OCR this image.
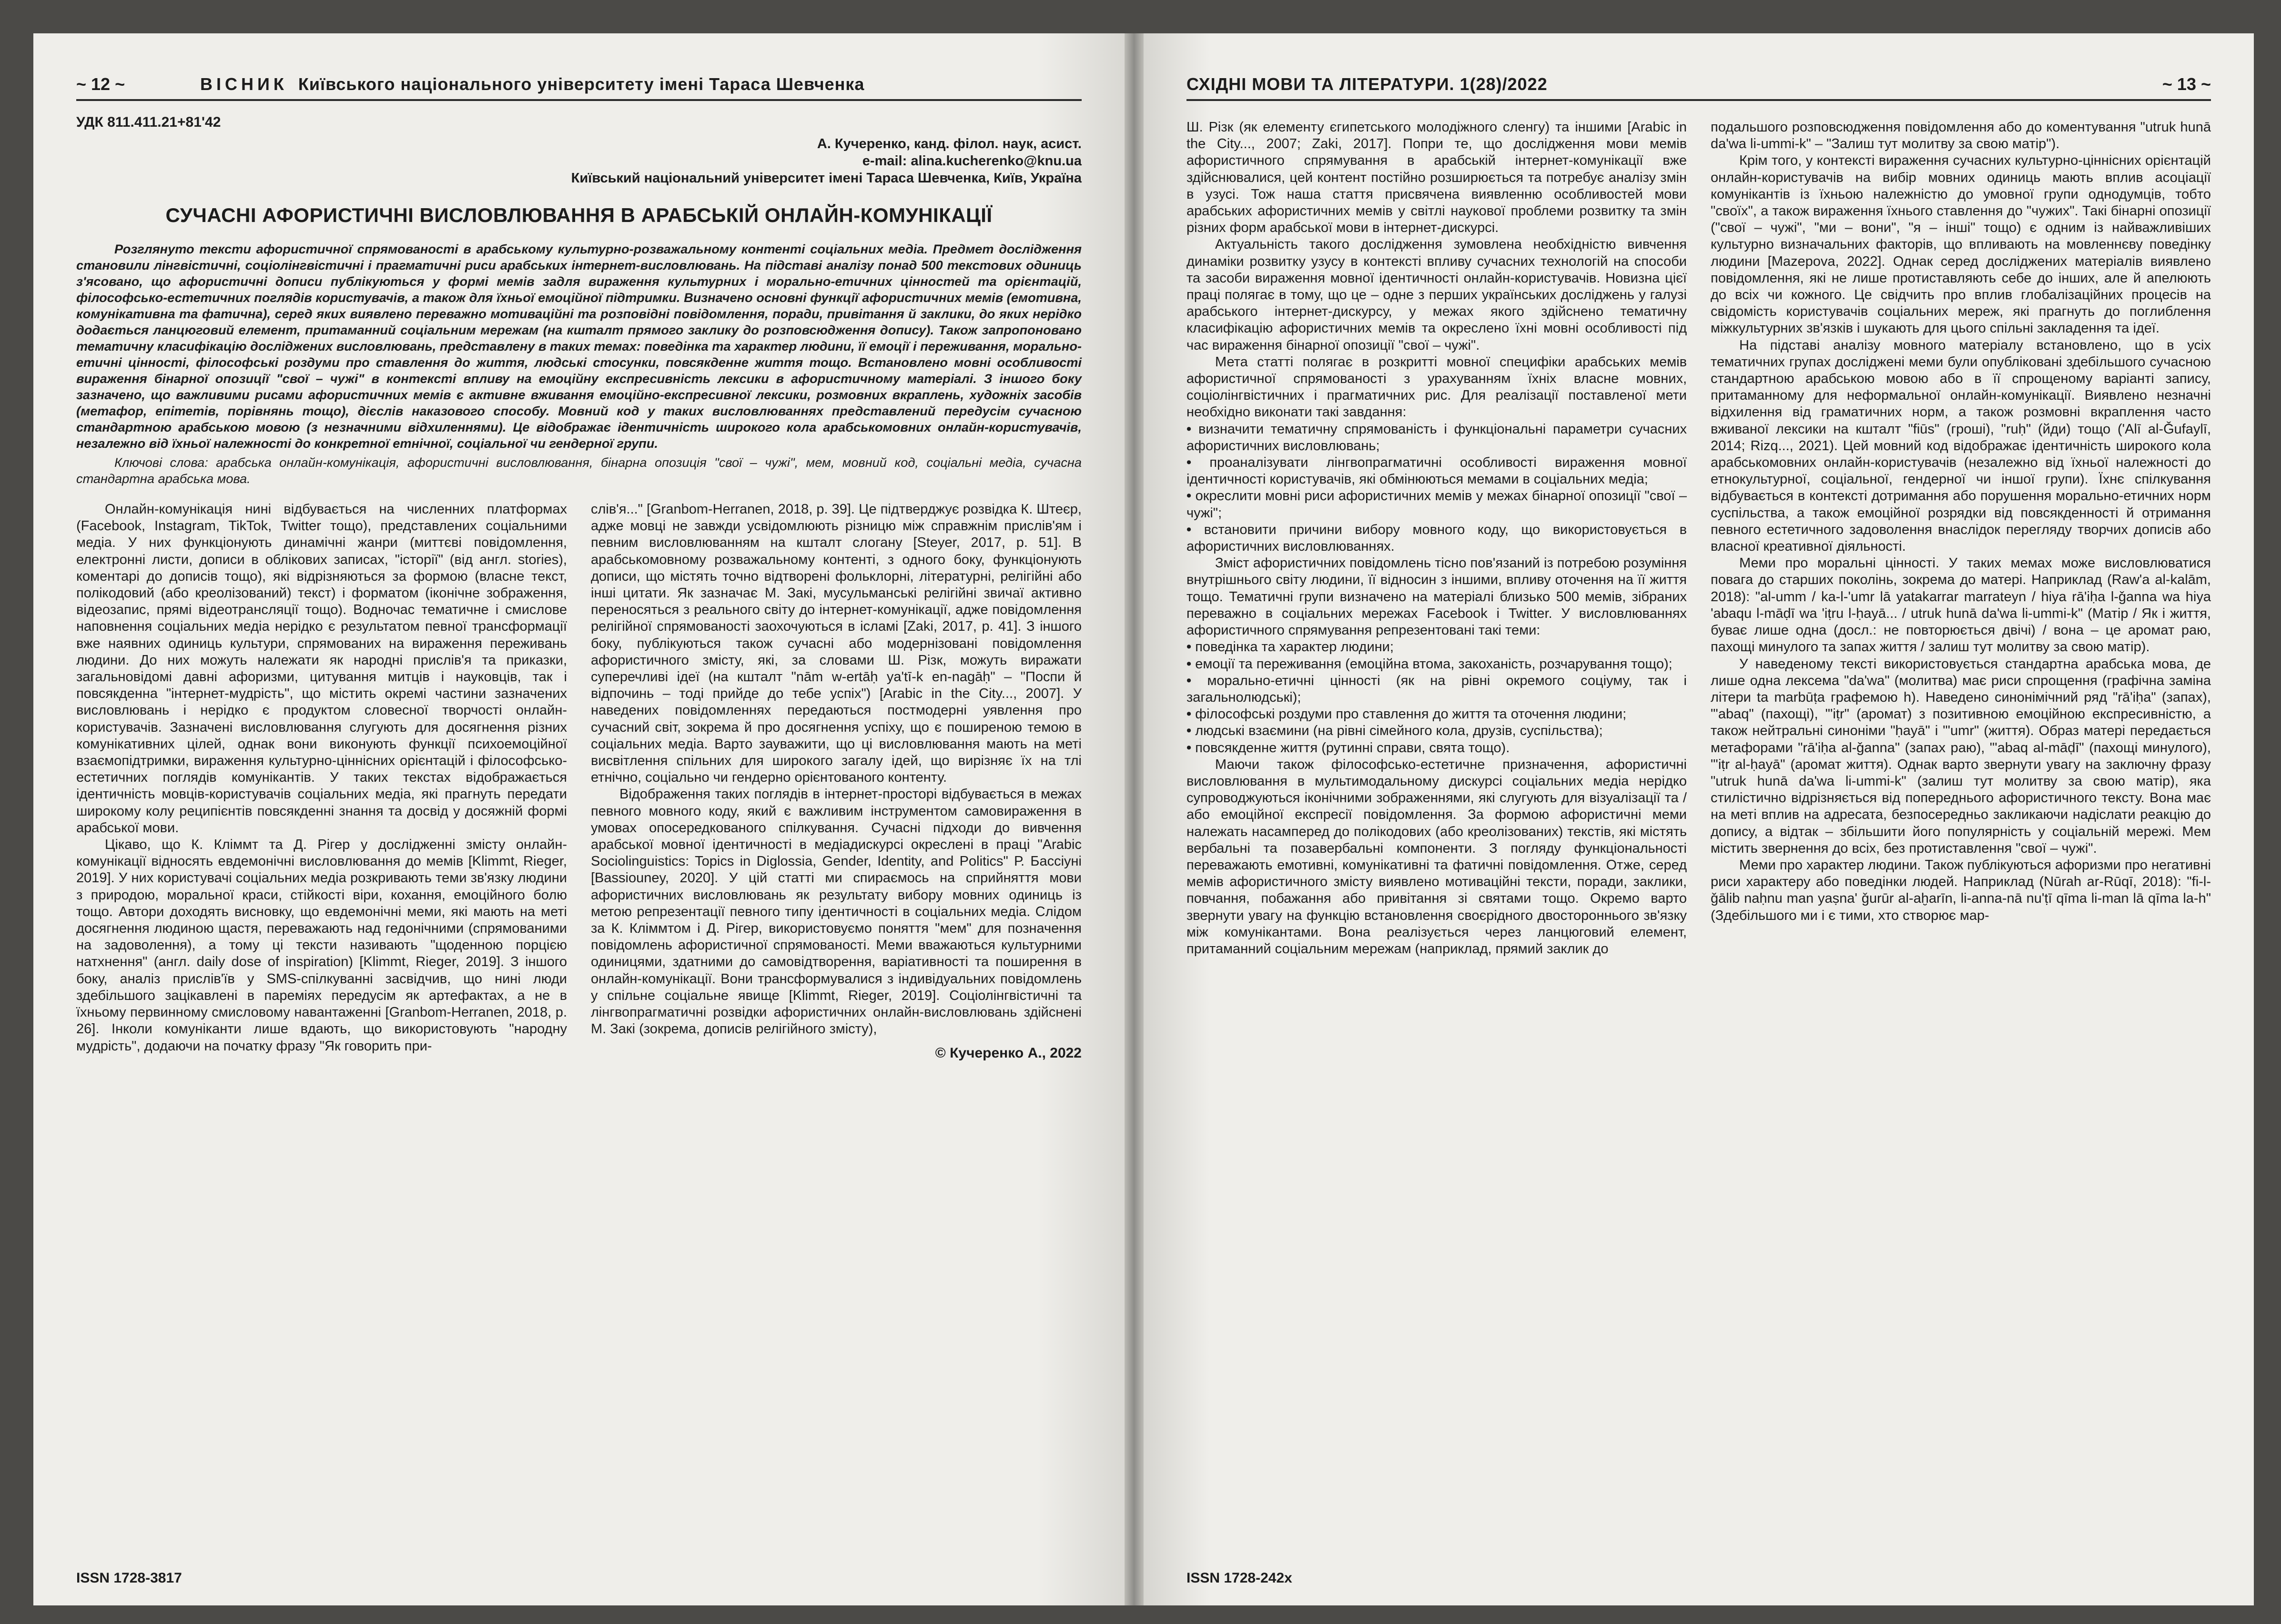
~ 12 ~	ВІСНИК Київського національного університету імені Тараса Шевченка
УДК 811.411.21+81'42
А. Кучеренко, канд. філол. наук, асист.
e-mail: alina.kucherenko@knu.ua
Київський національний університет імені Тараса Шевченка, Київ, Україна
СУЧАСНІ АФОРИСТИЧНІ ВИСЛОВЛЮВАННЯ В АРАБСЬКІЙ ОНЛАЙН-КОМУНІКАЦІЇ

Розглянуто тексти афористичної спрямованості в арабському культурно-розважальному контенті соціальних медіа. Предмет дослідження становили лінгвістичні, соціолінгвістичні і прагматичні риси арабських інтернет-висловлювань. На підставі аналізу понад 500 текстових одиниць з'ясовано, що афористичні дописи публікуються у формі мемів задля вираження культурних і морально-етичних цінностей та орієнтацій, філософсько-естетичних поглядів користувачів, а також для їхньої емоційної підтримки. Визначено основні функції афористичних мемів (емотивна, комунікативна та фатична), серед яких виявлено переважно мотиваційні та розповідні повідомлення, поради, привітання й заклики, до яких нерідко додається ланцюговий елемент, притаманний соціальним мережам (на кшталт прямого заклику до розповсюдження допису). Також запропоновано тематичну класифікацію досліджених висловлювань, представлену в таких темах: поведінка та характер людини, її емоції і переживання, морально-етичні цінності, філософські роздуми про ставлення до життя, людські стосунки, повсякденне життя тощо. Встановлено мовні особливості вираження бінарної опозиції "свої – чужі" в контексті впливу на емоційну експресивність лексики в афористичному матеріалі. З іншого боку зазначено, що важливими рисами афористичних мемів є активне вживання емоційно-експресивної лексики, розмовних вкраплень, художніх засобів (метафор, епітетів, порівнянь тощо), дієслів наказового способу. Мовний код у таких висловлюваннях представлений передусім сучасною стандартною арабською мовою (з незначними відхиленнями). Це відображає ідентичність широкого кола арабськомовних онлайн-користувачів, незалежно від їхньої належності до конкретної етнічної, соціальної чи гендерної групи.

Ключові слова: арабська онлайн-комунікація, афористичні висловлювання, бінарна опозиція "свої – чужі", мем, мовний код, соціальні медіа, сучасна стандартна арабська мова.

Онлайн-комунікація нині відбувається на численних платформах (Facebook, Instagram, TikTok, Twitter тощо), представлених соціальними медіа. У них функціонують динамічні жанри (миттєві повідомлення, електронні листи, дописи в облікових записах, "історії" (від англ. stories), коментарі до дописів тощо), які відрізняються за формою (власне текст, полікодовий (або креолізований) текст) і форматом (іконічне зображення, відеозапис, прямі відеотрансляції тощо). Водночас тематичне і смислове наповнення соціальних медіа нерідко є результатом певної трансформації вже наявних одиниць культури, спрямованих на вираження переживань людини. До них можуть належати як народні прислів'я та приказки, загальновідомі давні афоризми, цитування митців і науковців, так і повсякденна "інтернет-мудрість", що містить окремі частини зазначених висловлювань і нерідко є продуктом словесної творчості онлайн-користувачів. Зазначені висловлювання слугують для досягнення різних комунікативних цілей, однак вони виконують функції психоемоційної взаємопідтримки, вираження культурно-ціннісних орієнтацій і філософсько-естетичних поглядів комунікантів. У таких текстах відображається ідентичність мовців-користувачів соціальних медіа, які прагнуть передати широкому колу реципієнтів повсякденні знання та досвід у досяжній формі арабської мови.

Цікаво, що К. Кліммт та Д. Рігер у дослідженні змісту онлайн-комунікації відносять евдемонічні висловлювання до мемів [Klimmt, Rieger, 2019]. У них користувачі соціальних медіа розкривають теми зв'язку людини з природою, моральної краси, стійкості віри, кохання, емоційного болю тощо. Автори доходять висновку, що евдемонічні меми, які мають на меті досягнення людиною щастя, переважають над гедонічними (спрямованими на задоволення), а тому ці тексти називають "щоденною порцією натхнення" (англ. daily dose of inspiration) [Klimmt, Rieger, 2019]. З іншого боку, аналіз прислів'їв у SMS-спілкуванні засвідчив, що нині люди здебільшого зацікавлені в пареміях передусім як артефактах, а не в їхньому первинному смисловому навантаженні [Granbom-Herranen, 2018, p. 26]. Інколи комуніканти лише вдають, що використовують "народну мудрість", додаючи на початку фразу "Як говорить при-

слів'я..." [Granbom-Herranen, 2018, p. 39]. Це підтверджує розвідка К. Штеєр, адже мовці не завжди усвідомлюють різницю між справжнім прислів'ям і певним висловлюванням на кшталт слогану [Steyer, 2017, p. 51]. В арабськомовному розважальному контенті, з одного боку, функціонують дописи, що містять точно відтворені фольклорні, літературні, релігійні або інші цитати. Як зазначає М. Закі, мусульманські релігійні звичаї активно переносяться з реального світу до інтернет-комунікації, адже повідомлення релігійної спрямованості заохочуються в ісламі [Zaki, 2017, p. 41]. З іншого боку, публікуються також сучасні або модернізовані повідомлення афористичного змісту, які, за словами Ш. Різк, можуть виражати суперечливі ідеї (на кшталт "nām w-ertāḥ ya'tī-k en-nagāḥ" – "Поспи й відпочинь – тоді прийде до тебе успіх") [Arabic in the City..., 2007]. У наведених повідомленнях передаються постмодерні уявлення про сучасний світ, зокрема й про досягнення успіху, що є поширеною темою в соціальних медіа. Варто зауважити, що ці висловлювання мають на меті висвітлення спільних для широкого загалу ідей, що вирізняє їх на тлі етнічно, соціально чи гендерно орієнтованого контенту.

Відображення таких поглядів в інтернет-просторі відбувається в межах певного мовного коду, який є важливим інструментом самовираження в умовах опосередкованого спілкування. Сучасні підходи до вивчення арабської мовної ідентичності в медіадискурсі окреслені в праці "Arabic Sociolinguistics: Topics in Diglossia, Gender, Identity, and Politics" Р. Бассіуні [Bassiouney, 2020]. У цій статті ми спираємось на сприйняття мови афористичних висловлювань як результату вибору мовних одиниць із метою репрезентації певного типу ідентичності в соціальних медіа. Слідом за К. Кліммтом і Д. Рігер, використовуємо поняття "мем" для позначення повідомлень афористичної спрямованості. Меми вважаються культурними одиницями, здатними до самовідтворення, варіативності та поширення в онлайн-комунікації. Вони трансформувалися з індивідуальних повідомлень у спільне соціальне явище [Klimmt, Rieger, 2019]. Соціолінгвістичні та лінгвопрагматичні розвідки афористичних онлайн-висловлювань здійснені М. Закі (зокрема, дописів релігійного змісту),

© Кучеренко А., 2022
ISSN 1728-3817
СХІДНІ МОВИ ТА ЛІТЕРАТУРИ. 1(28)/2022	~ 13 ~

Ш. Різк (як елементу єгипетського молодіжного сленгу) та іншими [Arabic in the City..., 2007; Zaki, 2017]. Попри те, що дослідження мови мемів афористичного спрямування в арабській інтернет-комунікації вже здійснювалися, цей контент постійно розширюється та потребує аналізу змін в узусі. Тож наша стаття присвячена виявленню особливостей мови арабських афористичних мемів у світлі наукової проблеми розвитку та змін різних форм арабської мови в інтернет-дискурсі.

Актуальність такого дослідження зумовлена необхідністю вивчення динаміки розвитку узусу в контексті впливу сучасних технологій на способи та засоби вираження мовної ідентичності онлайн-користувачів. Новизна цієї праці полягає в тому, що це – одне з перших українських досліджень у галузі арабського інтернет-дискурсу, у межах якого здійснено тематичну класифікацію афористичних мемів та окреслено їхні мовні особливості під час вираження бінарної опозиції "свої – чужі".

Мета статті полягає в розкритті мовної специфіки арабських мемів афористичної спрямованості з урахуванням їхніх власне мовних, соціолінгвістичних і прагматичних рис. Для реалізації поставленої мети необхідно виконати такі завдання:

• визначити тематичну спрямованість і функціональні параметри сучасних афористичних висловлювань;
• проаналізувати лінгвопрагматичні особливості вираження мовної ідентичності користувачів, які обмінюються мемами в соціальних медіа;
• окреслити мовні риси афористичних мемів у межах бінарної опозиції "свої – чужі";
• встановити причини вибору мовного коду, що використовується в афористичних висловлюваннях.

Зміст афористичних повідомлень тісно пов'язаний із потребою розуміння внутрішнього світу людини, її відносин з іншими, впливу оточення на її життя тощо. Тематичні групи визначено на матеріалі близько 500 мемів, зібраних переважно в соціальних мережах Facebook і Twitter. У висловлюваннях афористичного спрямування репрезентовані такі теми:

• поведінка та характер людини;
• емоції та переживання (емоційна втома, закоханість, розчарування тощо);
• морально-етичні цінності (як на рівні окремого соціуму, так і загальнолюдські);
• філософські роздуми про ставлення до життя та оточення людини;
• людські взаємини (на рівні сімейного кола, друзів, суспільства);
• повсякденне життя (рутинні справи, свята тощо).

Маючи також філософсько-естетичне призначення, афористичні висловлювання в мультимодальному дискурсі соціальних медіа нерідко супроводжуються іконічними зображеннями, які слугують для візуалізації та / або емоційної експресії повідомлення. За формою афористичні меми належать насамперед до полікодових (або креолізованих) текстів, які містять вербальні та позавербальні компоненти. З погляду функціональності переважають емотивні, комунікативні та фатичні повідомлення. Отже, серед мемів афористичного змісту виявлено мотиваційні тексти, поради, заклики, повчання, побажання або привітання зі святами тощо. Окремо варто звернути увагу на функцію встановлення своєрідного двостороннього зв'язку між комунікантами. Вона реалізується через ланцюговий елемент, притаманний соціальним мережам (наприклад, прямий заклик до

подальшого розповсюдження повідомлення або до коментування "utruk hunā da'wa li-ummi-k" – "Залиш тут молитву за свою матір").

Крім того, у контексті вираження сучасних культурно-ціннісних орієнтацій онлайн-користувачів на вибір мовних одиниць мають вплив асоціації комунікантів із їхньою належністю до умовної групи однодумців, тобто "своїх", а також вираження їхнього ставлення до "чужих". Такі бінарні опозиції ("свої – чужі", "ми – вони", "я – інші" тощо) є одним із найважливіших культурно визначальних факторів, що впливають на мовленнєву поведінку людини [Mazepova, 2022]. Однак серед досліджених матеріалів виявлено повідомлення, які не лише протиставляють себе до інших, але й апелюють до всіх чи кожного. Це свідчить про вплив глобалізаційних процесів на свідомість користувачів соціальних мереж, які прагнуть до поглиблення міжкультурних зв'язків і шукають для цього спільні закладення та ідеї.

На підставі аналізу мовного матеріалу встановлено, що в усіх тематичних групах досліджені меми були опубліковані здебільшого сучасною стандартною арабською мовою або в її спрощеному варіанті запису, притаманному для неформальної онлайн-комунікації. Виявлено незначні відхилення від граматичних норм, а також розмовні вкраплення часто вживаної лексики на кшталт "fiūs" (гроші), "ruḥ" (йди) тощо ('Alī al-Ǧufaylī, 2014; Rizq..., 2021). Цей мовний код відображає ідентичність широкого кола арабськомовних онлайн-користувачів (незалежно від їхньої належності до етнокультурної, соціальної, гендерної чи іншої групи). Їхнє спілкування відбувається в контексті дотримання або порушення морально-етичних норм суспільства, а також емоційної розрядки від повсякденності й отримання певного естетичного задоволення внаслідок перегляду творчих дописів або власної креативної діяльності.

Меми про моральні цінності. У таких мемах може висловлюватися повага до старших поколінь, зокрема до матері. Наприклад (Raw'a al-kalām, 2018): "al-umm / ka-l-'umr lā yatakarrar marrateyn / hiya rā'iḥa l-ǧanna wa hiya 'abaqu l-māḍī wa 'iṭru l-ḥayā... / utruk hunā da'wa li-ummi-k" (Матір / Як і життя, буває лише одна (досл.: не повторюється двічі) / вона – це аромат раю, пахощі минулого та запах життя / залиш тут молитву за свою матір).

У наведеному тексті використовується стандартна арабська мова, де лише одна лексема "da'wa" (молитва) має риси спрощення (графічна заміна літери ta marbūṭa графемою h). Наведено синонімічний ряд "rā'iḥa" (запах), "'abaq" (пахощі), "'iṭr" (аромат) з позитивною емоційною експресивністю, а також нейтральні синоніми "ḥayā" і "'umr" (життя). Образ матері передається метафорами "rā'iḥa al-ǧanna" (запах раю), "'abaq al-māḍī" (пахощі минулого), "'iṭr al-ḥayā" (аромат життя). Однак варто звернути увагу на заключну фразу "utruk hunā da'wa li-ummi-k" (залиш тут молитву за свою матір), яка стилістично відрізняється від попереднього афористичного тексту. Вона має на меті вплив на адресата, безпосередньо закликаючи надіслати реакцію до допису, а відтак – збільшити його популярність у соціальній мережі. Мем містить звернення до всіх, без протиставлення "свої – чужі".

Меми про характер людини. Також публікуються афоризми про негативні риси характеру або поведінки людей. Наприклад (Nūrah ar-Rūqī, 2018): "fi-l-ǧālib naḥnu man yaṣna' ǧurūr al-aḫarīn, li-anna-nā nu'ṭī qīma li-man lā qīma la-h" (Здебільшого ми і є тими, хто створює мар-

ISSN 1728-242x
